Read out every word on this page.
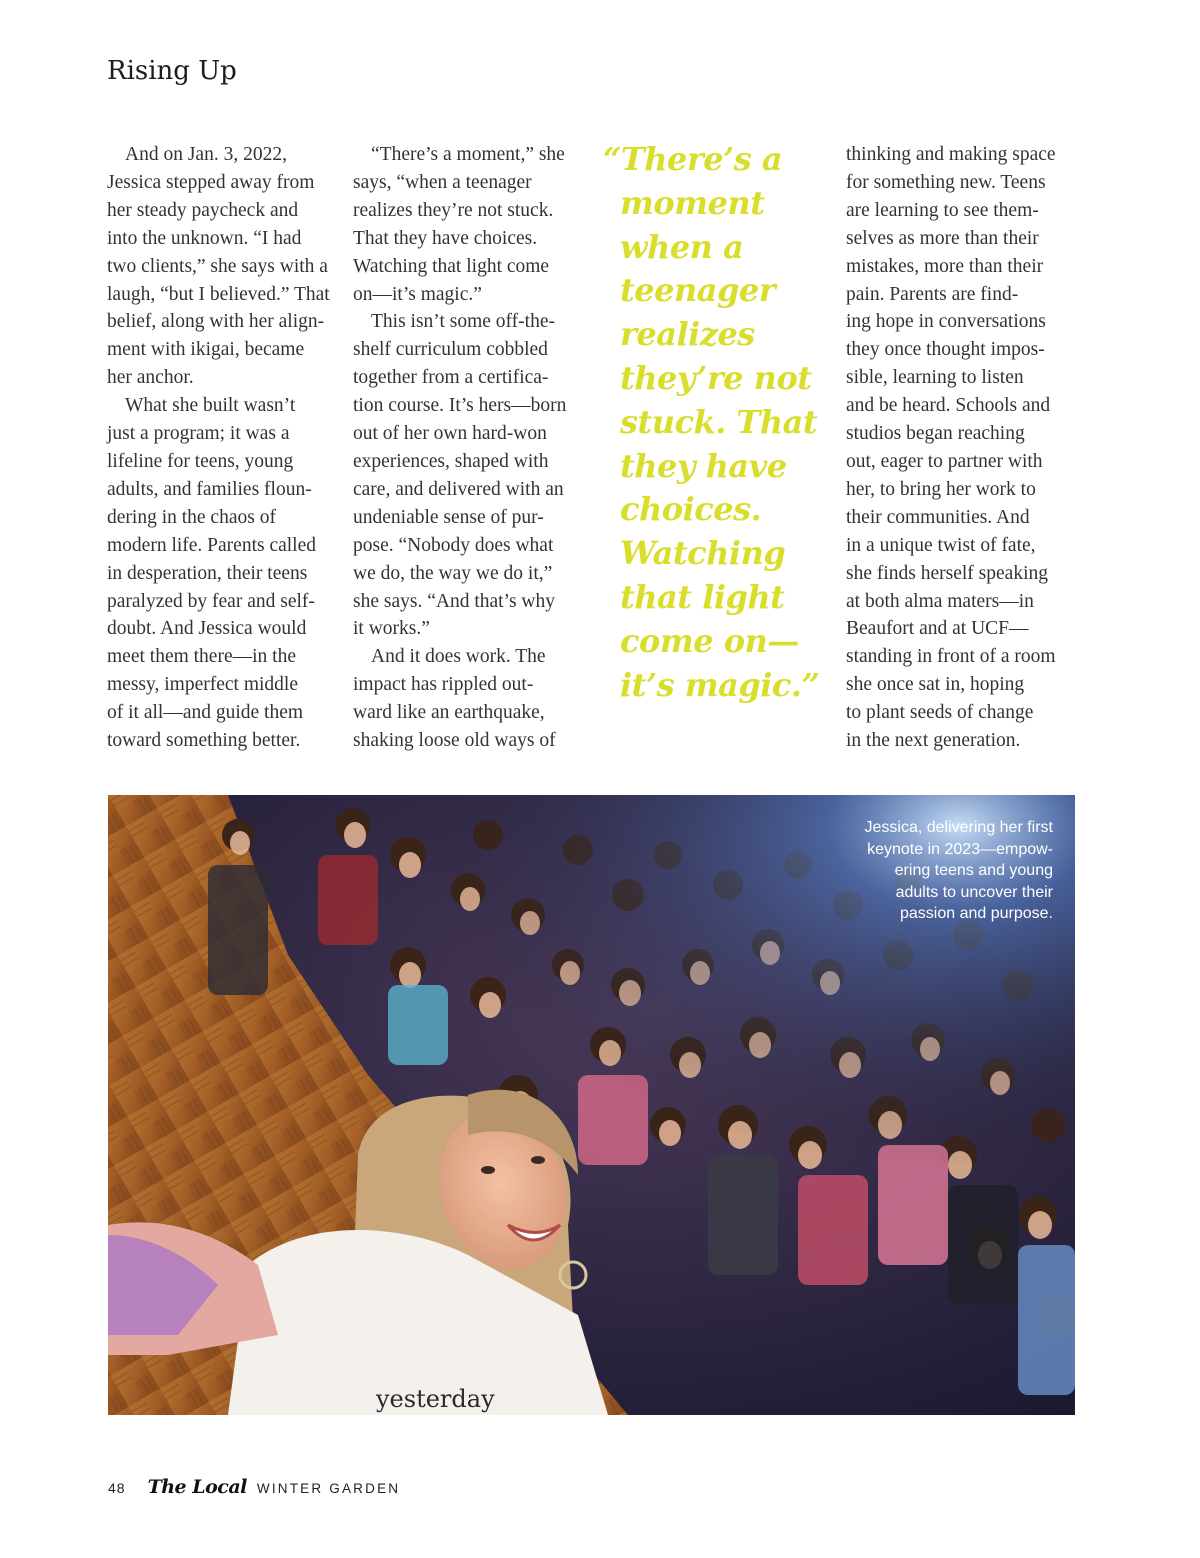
Rising Up
And on Jan. 3, 2022,
Jessica stepped away from
her steady paycheck and
into the unknown. “I had
two clients,” she says with a
laugh, “but I believed.” That
belief, along with her align-
ment with ikigai, became
her anchor.
What she built wasn’t
just a program; it was a
lifeline for teens, young
adults, and families floun-
dering in the chaos of
modern life. Parents called
in desperation, their teens
paralyzed by fear and self-
doubt. And Jessica would
meet them there—in the
messy, imperfect middle
of it all—and guide them
toward something better.
“There’s a moment,” she
says, “when a teenager
realizes they’re not stuck.
That they have choices.
Watching that light come
on—it’s magic.”
This isn’t some off-the-
shelf curriculum cobbled
together from a certifica-
tion course. It’s hers—born
out of her own hard-won
experiences, shaped with
care, and delivered with an
undeniable sense of pur-
pose. “Nobody does what
we do, the way we do it,”
she says. “And that’s why
it works.”
And it does work. The
impact has rippled out-
ward like an earthquake,
shaking loose old ways of
“There’s a
moment
when a
teenager
realizes
they’re not
stuck. That
they have
choices.
Watching
that light
come on—
it’s magic.”
thinking and making space
for something new. Teens
are learning to see them-
selves as more than their
mistakes, more than their
pain. Parents are find-
ing hope in conversations
they once thought impos-
sible, learning to listen
and be heard. Schools and
studios began reaching
out, eager to partner with
her, to bring her work to
their communities. And
in a unique twist of fate,
she finds herself speaking
at both alma maters—in
Beaufort and at UCF—
standing in front of a room
she once sat in, hoping
to plant seeds of change
in the next generation.
yesterday
Jessica, delivering her first
keynote in 2023—empow-
ering teens and young
adults to uncover their
passion and purpose.
48 The Local WINTER GARDEN
